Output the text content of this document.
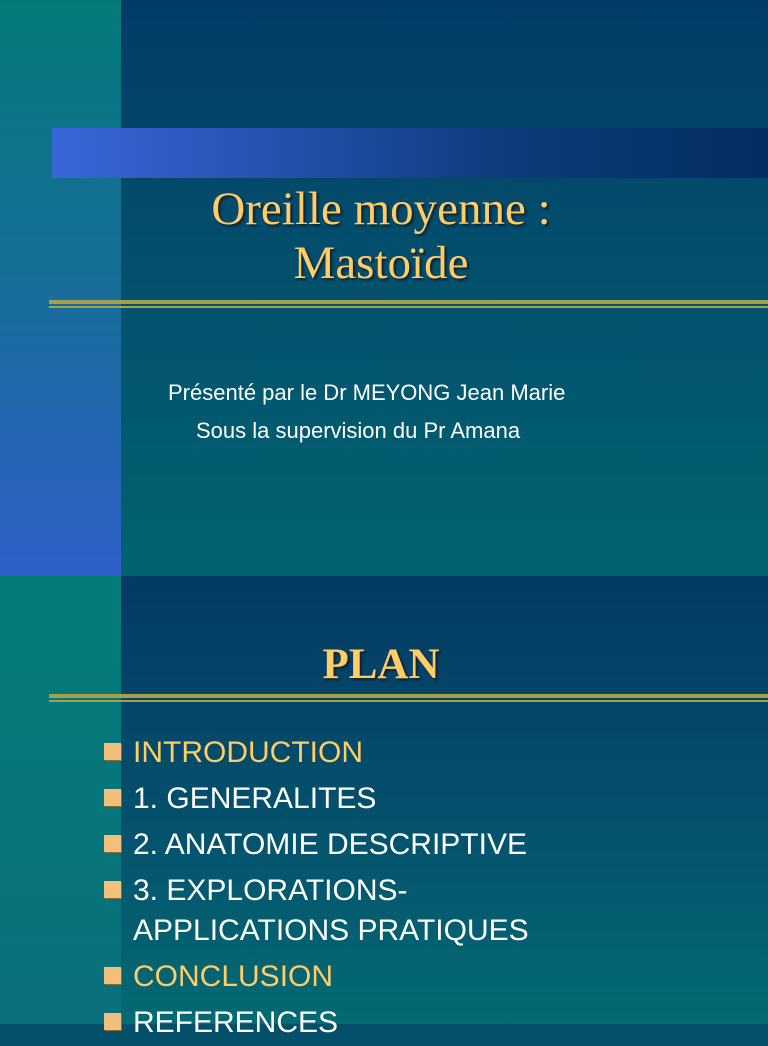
Oreille moyenne :
Mastoïde
Présenté par le Dr MEYONG Jean Marie
Sous la supervision du Pr Amana
PLAN
INTRODUCTION
1. GENERALITES
2. ANATOMIE DESCRIPTIVE
3. EXPLORATIONS-
APPLICATIONS PRATIQUES
CONCLUSION
REFERENCES
